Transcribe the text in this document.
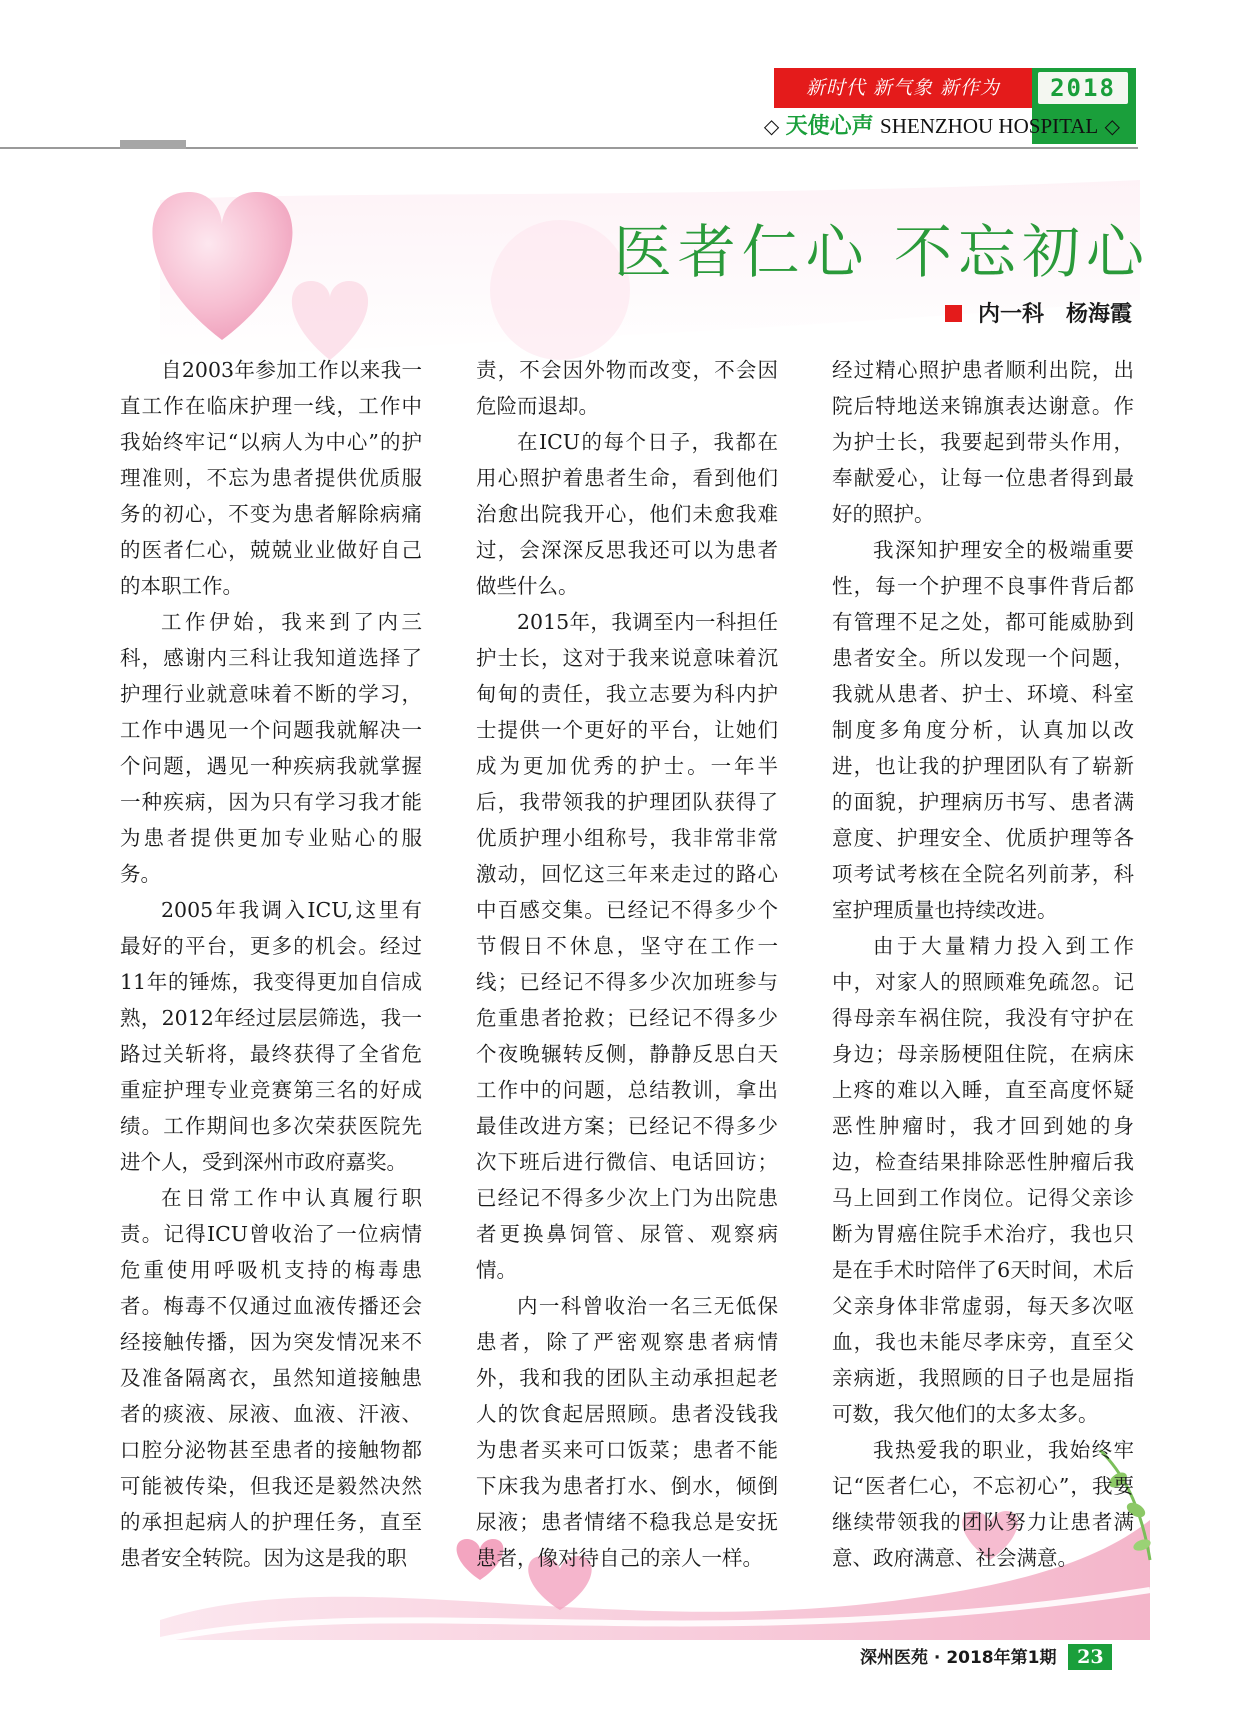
新时代 新气象 新作为	2018
◇ 天使心声 SHENZHOU HOSPITAL ◇
医者仁心 不忘初心
内一科 杨海霞

自2003年参加工作以来我一直工作在临床护理一线，工作中我始终牢记“以病人为中心”的护理准则，不忘为患者提供优质服务的初心，不变为患者解除病痛的医者仁心，兢兢业业做好自己的本职工作。

工作伊始，我来到了内三科，感谢内三科让我知道选择了护理行业就意味着不断的学习，工作中遇见一个问题我就解决一个问题，遇见一种疾病我就掌握一种疾病，因为只有学习我才能为患者提供更加专业贴心的服务。

2005年我调入ICU,这里有最好的平台，更多的机会。经过11年的锤炼，我变得更加自信成熟，2012年经过层层筛选，我一路过关斩将，最终获得了全省危重症护理专业竞赛第三名的好成绩。工作期间也多次荣获医院先进个人，受到深州市政府嘉奖。

在日常工作中认真履行职责。记得ICU曾收治了一位病情危重使用呼吸机支持的梅毒患者。梅毒不仅通过血液传播还会经接触传播，因为突发情况来不及准备隔离衣，虽然知道接触患者的痰液、尿液、血液、汗液、口腔分泌物甚至患者的接触物都可能被传染，但我还是毅然决然的承担起病人的护理任务，直至患者安全转院。因为这是我的职

责，不会因外物而改变，不会因危险而退却。

在ICU的每个日子，我都在用心照护着患者生命，看到他们治愈出院我开心，他们未愈我难过，会深深反思我还可以为患者做些什么。

2015年，我调至内一科担任护士长，这对于我来说意味着沉甸甸的责任，我立志要为科内护士提供一个更好的平台，让她们成为更加优秀的护士。一年半后，我带领我的护理团队获得了优质护理小组称号，我非常非常激动，回忆这三年来走过的路心中百感交集。已经记不得多少个节假日不休息，坚守在工作一线；已经记不得多少次加班参与危重患者抢救；已经记不得多少个夜晚辗转反侧，静静反思白天工作中的问题，总结教训，拿出最佳改进方案；已经记不得多少次下班后进行微信、电话回访；已经记不得多少次上门为出院患者更换鼻饲管、尿管、观察病情。

内一科曾收治一名三无低保患者，除了严密观察患者病情外，我和我的团队主动承担起老人的饮食起居照顾。患者没钱我为患者买来可口饭菜；患者不能下床我为患者打水、倒水，倾倒尿液；患者情绪不稳我总是安抚患者，像对待自己的亲人一样。

经过精心照护患者顺利出院，出院后特地送来锦旗表达谢意。作为护士长，我要起到带头作用，奉献爱心，让每一位患者得到最好的照护。

我深知护理安全的极端重要性，每一个护理不良事件背后都有管理不足之处，都可能威胁到患者安全。所以发现一个问题，我就从患者、护士、环境、科室制度多角度分析，认真加以改进，也让我的护理团队有了崭新的面貌，护理病历书写、患者满意度、护理安全、优质护理等各项考试考核在全院名列前茅，科室护理质量也持续改进。

由于大量精力投入到工作中，对家人的照顾难免疏忽。记得母亲车祸住院，我没有守护在身边；母亲肠梗阻住院，在病床上疼的难以入睡，直至高度怀疑恶性肿瘤时，我才回到她的身边，检查结果排除恶性肿瘤后我马上回到工作岗位。记得父亲诊断为胃癌住院手术治疗，我也只是在手术时陪伴了6天时间，术后父亲身体非常虚弱，每天多次呕血，我也未能尽孝床旁，直至父亲病逝，我照顾的日子也是屈指可数，我欠他们的太多太多。

我热爱我的职业，我始终牢记“医者仁心，不忘初心”，我要继续带领我的团队努力让患者满意、政府满意、社会满意。

深州医苑 · 2018年第1期 23
